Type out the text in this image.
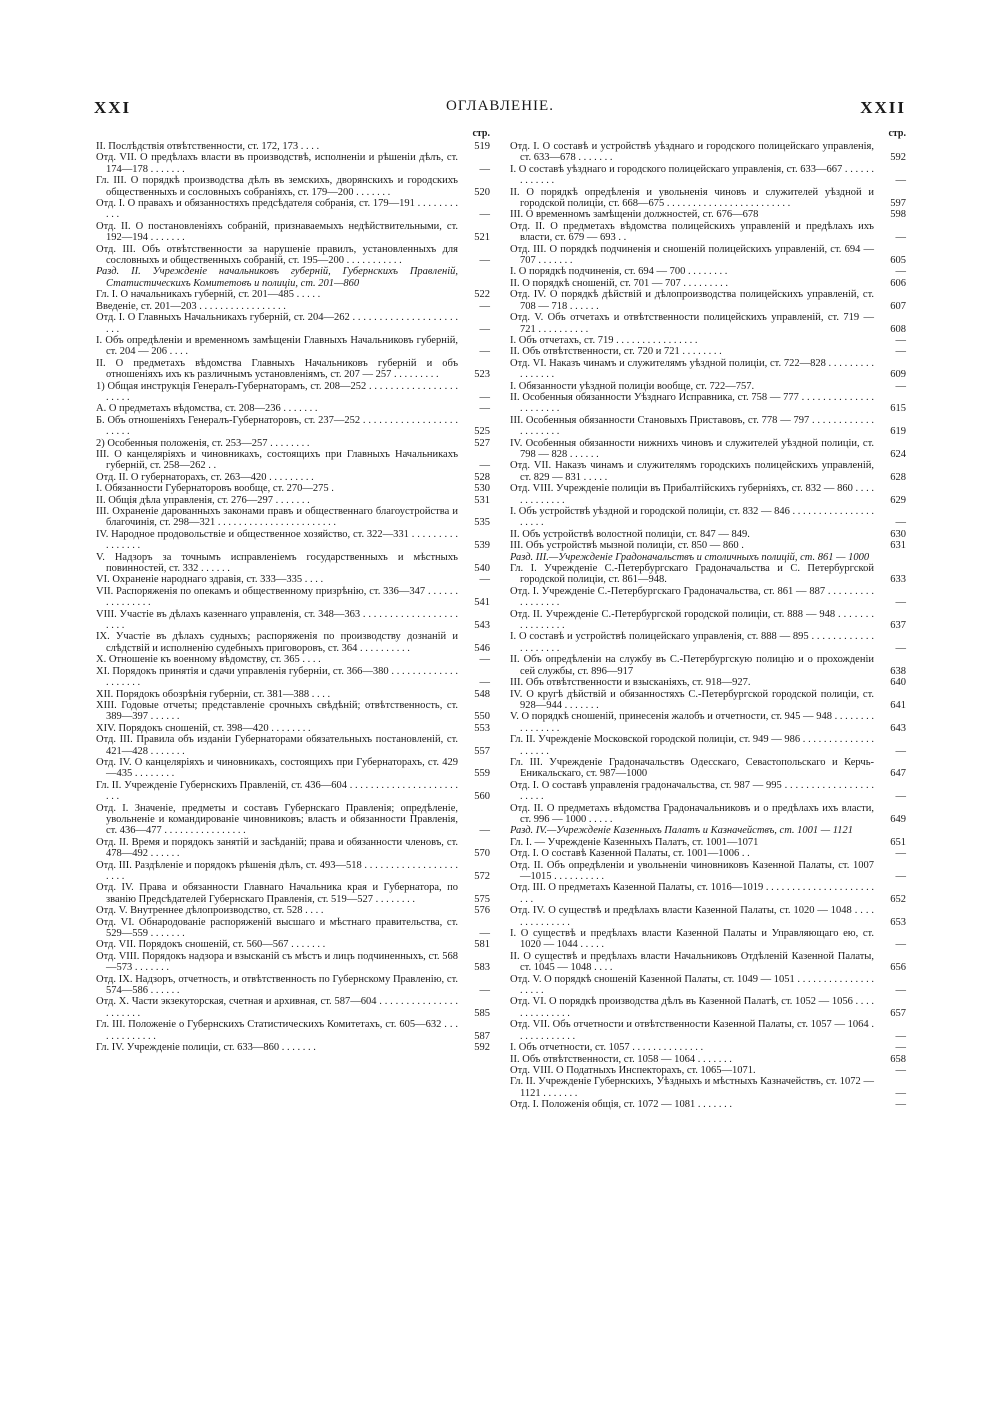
XXI	ОГЛАВЛЕНІЕ.	XXII
стр.
II. Послѣдствія отвѣтственности, ст. 172, 173 . . . .	519
Отд. VII. О предѣлахъ власти въ производствѣ, исполненіи и рѣшеніи дѣлъ, ст. 174—178 . . . . . . .	—
Гл. III. О порядкѣ производства дѣлъ въ земскихъ, дворянскихъ и городскихъ общественныхъ и сословныхъ собраніяхъ, ст. 179—200 . . . . . . .	520
Отд. I. О правахъ и обязанностяхъ предсѣдателя собранія, ст. 179—191 . . . . . . . . . . .	—
Отд. II. О постановленіяхъ собраній, признаваемыхъ недѣйствительными, ст. 192—194 . . . . . . .	521
Отд. III. Объ отвѣтственности за нарушеніе правилъ, установленныхъ для сословныхъ и общественныхъ собраній, ст. 195—200 . . . . . . . . . . .	—
Разд. II. Учрежденіе начальниковъ губерній, Губернскихъ Правленій, Статистическихъ Комитетовъ и полиціи, ст. 201—860
Гл. I. О начальникахъ губерній, ст. 201—485 . . . . .	522
Введеніе, ст. 201—203 . . . . . . . . . . . . . . . . .	—
Отд. I. О Главныхъ Начальникахъ губерній, ст. 204—262 . . . . . . . . . . . . . . . . . . . . . . .	—
I. Объ опредѣленіи и временномъ замѣщеніи Главныхъ Начальниковъ губерній, ст. 204 — 206 . . . .	—
II. О предметахъ вѣдомства Главныхъ Начальниковъ губерній и объ отношеніяхъ ихъ къ различнымъ установленіямъ, ст. 207 — 257 . . . . . . . . .	523
1) Общая инструкція Генералъ-Губернаторамъ, ст. 208—252 . . . . . . . . . . . . . . . . . . . . . .	—
А. О предметахъ вѣдомства, ст. 208—236 . . . . . . .	—
Б. Объ отношеніяхъ Генералъ-Губернаторовъ, ст. 237—252 . . . . . . . . . . . . . . . . . . . . . . .	525
2) Особенныя положенія, ст. 253—257 . . . . . . . .	527
III. О канцеляріяхъ и чиновникахъ, состоящихъ при Главныхъ Начальникахъ губерній, ст. 258—262 . .	—
Отд. II. О губернаторахъ, ст. 263—420 . . . . . . . . .	528
I. Обязанности Губернаторовъ вообще, ст. 270—275 .	530
II. Общія дѣла управленія, ст. 276—297 . . . . . . .	531
III. Охраненіе дарованныхъ законами правъ и общественнаго благоустройства и благочинія, ст. 298—321 . . . . . . . . . . . . . . . . . . . . . . .	535
IV. Народное продовольствіе и общественное хозяйство, ст. 322—331 . . . . . . . . . . . . . . . .	539
V. Надзоръ за точнымъ исправленіемъ государственныхъ и мѣстныхъ повинностей, ст. 332 . . . . . .	540
VI. Охраненіе народнаго здравія, ст. 333—335 . . . .	—
VII. Распоряженія по опекамъ и общественному призрѣнію, ст. 336—347 . . . . . . . . . . . . . . .	541
VIII. Участіе въ дѣлахъ казеннаго управленія, ст. 348—363 . . . . . . . . . . . . . . . . . . . . . .	543
IX. Участіе въ дѣлахъ судныхъ; распоряженія по производству дознаній и слѣдствій и исполненію судебныхъ приговоровъ, ст. 364 . . . . . . . . . .	546
X. Отношеніе къ военному вѣдомству, ст. 365 . . . .	—
XI. Порядокъ принятія и сдачи управленія губерніи, ст. 366—380 . . . . . . . . . . . . . . . . . . . .	—
XII. Порядокъ обозрѣнія губерніи, ст. 381—388 . . . .	548
XIII. Годовые отчеты; представленіе срочныхъ свѣдѣній; отвѣтственность, ст. 389—397 . . . . . .	550
XIV. Порядокъ сношеній, ст. 398—420 . . . . . . . .	553
Отд. III. Правила объ изданіи Губернаторами обязательныхъ постановленій, ст. 421—428 . . . . . . .	557
Отд. IV. О канцеляріяхъ и чиновникахъ, состоящихъ при Губернаторахъ, ст. 429—435 . . . . . . . .	559
Гл. II. Учрежденіе Губернскихъ Правленій, ст. 436—604 . . . . . . . . . . . . . . . . . . . . . . . .	560
Отд. I. Значеніе, предметы и составъ Губернскаго Правленія; опредѣленіе, увольненіе и командированіе чиновниковъ; власть и обязанности Правленія, ст. 436—477 . . . . . . . . . . . . . . . .	—
Отд. II. Время и порядокъ занятій и засѣданій; права и обязанности членовъ, ст. 478—492 . . . . . .	570
Отд. III. Раздѣленіе и порядокъ рѣшенія дѣлъ, ст. 493—518 . . . . . . . . . . . . . . . . . . . . . .	572
Отд. IV. Права и обязанности Главнаго Начальника края и Губернатора, по званію Предсѣдателей Губернскаго Правленія, ст. 519—527 . . . . . . . .	575
Отд. V. Внутреннее дѣлопроизводство, ст. 528 . . . .	576
Отд. VI. Обнародованіе распоряженій высшаго и мѣстнаго правительства, ст. 529—559 . . . . . . .	—
Отд. VII. Порядокъ сношеній, ст. 560—567 . . . . . . .	581
Отд. VIII. Порядокъ надзора и взысканій съ мѣстъ и лицъ подчиненныхъ, ст. 568—573 . . . . . . .	583
Отд. IX. Надзоръ, отчетность, и отвѣтственность по Губернскому Правленію, ст. 574—586 . . . . . .	—
Отд. X. Части экзекуторская, счетная и архивная, ст. 587—604 . . . . . . . . . . . . . . . . . . . . . .	585
Гл. III. Положеніе о Губернскихъ Статистическихъ Комитетахъ, ст. 605—632 . . . . . . . . . . . . .	587
Гл. IV. Учрежденіе полиціи, ст. 633—860 . . . . . . .	592
стр.
Отд. I. О составѣ и устройствѣ уѣзднаго и городского полицейскаго управленія, ст. 633—678 . . . . . . .	592
I. О составѣ уѣзднаго и городского полицейскаго управленія, ст. 633—667 . . . . . . . . . . . . .	—
II. О порядкѣ опредѣленія и увольненія чиновъ и служителей уѣздной и городской полиціи, ст. 668—675 . . . . . . . . . . . . . . . . . . . . . . . .	597
III. О временномъ замѣщеніи должностей, ст. 676—678	598
Отд. II. О предметахъ вѣдомства полицейскихъ управленій и предѣлахъ ихъ власти, ст. 679 — 693 . .	—
Отд. III. О порядкѣ подчиненія и сношеній полицейскихъ управленій, ст. 694 — 707 . . . . . . .	605
I. О порядкѣ подчиненія, ст. 694 — 700 . . . . . . . .	—
II. О порядкѣ сношеній, ст. 701 — 707 . . . . . . . . .	606
Отд. IV. О порядкѣ дѣйствій и дѣлопроизводства полицейскихъ управленій, ст. 708 — 718 . . . . . .	607
Отд. V. Объ отчетахъ и отвѣтственности полицейскихъ управленій, ст. 719 — 721 . . . . . . . . . .	608
I. Объ отчетахъ, ст. 719 . . . . . . . . . . . . . . . .	—
II. Объ отвѣтственности, ст. 720 и 721 . . . . . . . .	—
Отд. VI. Наказъ чинамъ и служителямъ уѣздной полиціи, ст. 722—828 . . . . . . . . . . . . . . . .	609
I. Обязанности уѣздной полиціи вообще, ст. 722—757.	—
II. Особенныя обязанности Уѣзднаго Исправника, ст. 758 — 777 . . . . . . . . . . . . . . . . . . . . . .	615
III. Особенныя обязанности Становыхъ Приставовъ, ст. 778 — 797 . . . . . . . . . . . . . . . . . . . .	619
IV. Особенныя обязанности нижнихъ чиновъ и служителей уѣздной полиціи, ст. 798 — 828 . . . . . .	624
Отд. VII. Наказъ чинамъ и служителямъ городскихъ полицейскихъ управленій, ст. 829 — 831 . . . . .	628
Отд. VIII. Учрежденіе полиціи въ Прибалтійскихъ губерніяхъ, ст. 832 — 860 . . . . . . . . . . . . .	629
I. Объ устройствѣ уѣздной и городской полиціи, ст. 832 — 846 . . . . . . . . . . . . . . . . . . . . .	—
II. Объ устройствѣ волостной полиціи, ст. 847 — 849.	630
III. Объ устройствѣ мызной полиціи, ст. 850 — 860 .	631
Разд. III.—Учрежденіе Градоначальствъ и столичныхъ полицій, ст. 861 — 1000
Гл. I. Учрежденіе С.-Петербургскаго Градоначальства и С. Петербургской городской полиціи, ст. 861—948.	633
Отд. I. Учрежденіе С.-Петербургскаго Градоначальства, ст. 861 — 887 . . . . . . . . . . . . . . . . .	—
Отд. II. Учрежденіе С.-Петербургской городской полиціи, ст. 888 — 948 . . . . . . . . . . . . . . . .	637
I. О составѣ и устройствѣ полицейскаго управленія, ст. 888 — 895 . . . . . . . . . . . . . . . . . . . .	—
II. Объ опредѣленіи на службу въ С.-Петербургскую полицію и о прохожденіи сей службы, ст. 896—917	638
III. Объ отвѣтственности и взысканіяхъ, ст. 918—927.	640
IV. О кругѣ дѣйствій и обязанностяхъ С.-Петербургской городской полиціи, ст. 928—944 . . . . . . .	641
V. О порядкѣ сношеній, принесенія жалобъ и отчетности, ст. 945 — 948 . . . . . . . . . . . . . . . .	643
Гл. II. Учрежденіе Московской городской полиціи, ст. 949 — 986 . . . . . . . . . . . . . . . . . . . .	—
Гл. III. Учрежденіе Градоначальствъ Одесскаго, Севастопольскаго и Керчь-Еникальскаго, ст. 987—1000	647
Отд. I. О составѣ управленія градоначальства, ст. 987 — 995 . . . . . . . . . . . . . . . . . . . . . .	—
Отд. II. О предметахъ вѣдомства Градоначальниковъ и о предѣлахъ ихъ власти, ст. 996 — 1000 . . . . .	649
Разд. IV.—Учрежденіе Казенныхъ Палатъ и Казначействъ, ст. 1001 — 1121
Гл. I. — Учрежденіе Казенныхъ Палатъ, ст. 1001—1071	651
Отд. I. О составѣ Казенной Палаты, ст. 1001—1006 . .	—
Отд. II. Объ опредѣленіи и увольненіи чиновниковъ Казенной Палаты, ст. 1007—1015 . . . . . . . . . .	—
Отд. III. О предметахъ Казенной Палаты, ст. 1016—1019 . . . . . . . . . . . . . . . . . . . . . . . .	652
Отд. IV. О существѣ и предѣлахъ власти Казенной Палаты, ст. 1020 — 1048 . . . . . . . . . . . . . .	653
I. О существѣ и предѣлахъ власти Казенной Палаты и Управляющаго ею, ст. 1020 — 1044 . . . . .	—
II. О существѣ и предѣлахъ власти Начальниковъ Отдѣленій Казенной Палаты, ст. 1045 — 1048 . . . .	656
Отд. V. О порядкѣ сношеній Казенной Палаты, ст. 1049 — 1051 . . . . . . . . . . . . . . . . . . . .	—
Отд. VI. О порядкѣ производства дѣлъ въ Казенной Палатѣ, ст. 1052 — 1056 . . . . . . . . . . . . . .	657
Отд. VII. Объ отчетности и отвѣтственности Казенной Палаты, ст. 1057 — 1064 . . . . . . . . . . . .	—
I. Объ отчетности, ст. 1057 . . . . . . . . . . . . . .	—
II. Объ отвѣтственности, ст. 1058 — 1064 . . . . . . .	658
Отд. VIII. О Податныхъ Инспекторахъ, ст. 1065—1071.	—
Гл. II. Учрежденіе Губернскихъ, Уѣздныхъ и мѣстныхъ Казначействъ, ст. 1072 — 1121 . . . . . . .	—
Отд. I. Положенія общія, ст. 1072 — 1081 . . . . . . .	—
